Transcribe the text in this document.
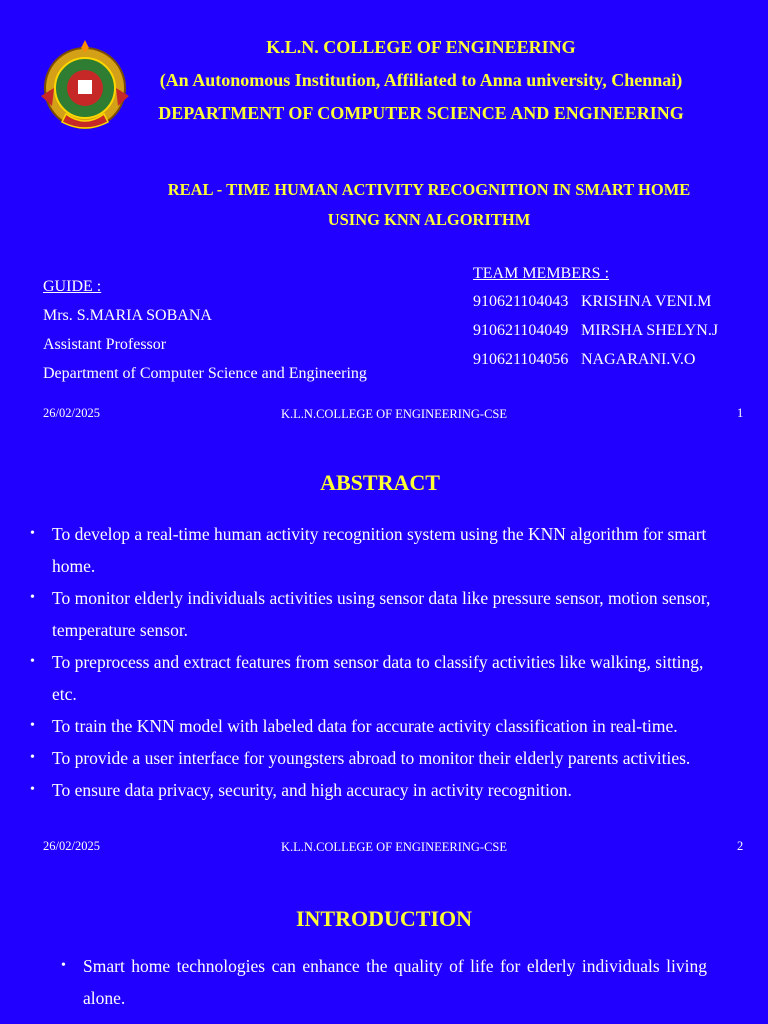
K.L.N. COLLEGE OF ENGINEERING
(An Autonomous Institution, Affiliated to Anna university, Chennai)
DEPARTMENT OF COMPUTER SCIENCE AND ENGINEERING
REAL - TIME HUMAN ACTIVITY RECOGNITION IN SMART HOME
USING KNN ALGORITHM
GUIDE :
Mrs. S.MARIA SOBANA
Assistant Professor
Department of Computer Science and Engineering
TEAM MEMBERS :
910621104043 KRISHNA VENI.M
910621104049 MIRSHA SHELYN.J
910621104056 NAGARANI.V.O
26/02/2025	K.L.N.COLLEGE OF ENGINEERING-CSE	1
ABSTRACT
• To develop a real-time human activity recognition system using the KNN algorithm for smart home.
• To monitor elderly individuals activities using sensor data like pressure sensor, motion sensor, temperature sensor.
• To preprocess and extract features from sensor data to classify activities like walking, sitting, etc.
• To train the KNN model with labeled data for accurate activity classification in real-time.
• To provide a user interface for youngsters abroad to monitor their elderly parents activities.
• To ensure data privacy, security, and high accuracy in activity recognition.
26/02/2025	K.L.N.COLLEGE OF ENGINEERING-CSE	2
INTRODUCTION
• Smart home technologies can enhance the quality of life for elderly individuals living alone.
